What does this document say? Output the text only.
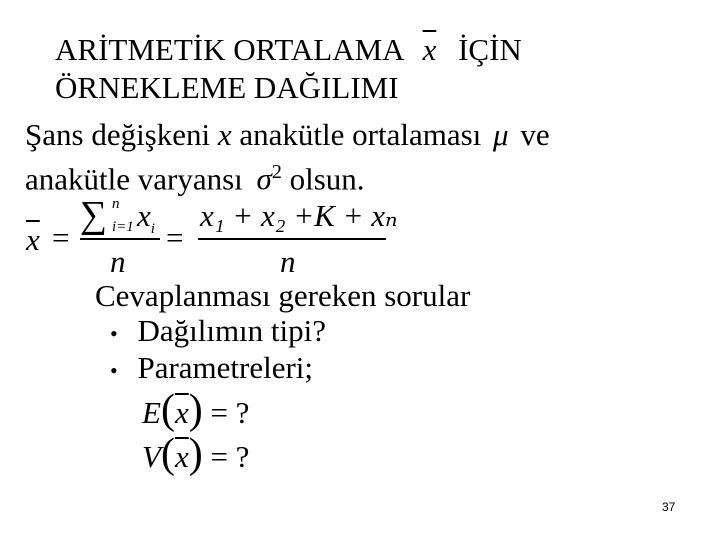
ARİTMETİK ORTALAMA $\overline{x}$ İÇİN
ÖRNEKLEME DAĞILIMI
Şans değişkeni x anakütle ortalaması μ ve
anakütle varyansı $\sigma^2$ olsun.
$\overline{x}$ =
∑ n
i=1 $x_i$
n
=
x₁ + x₂ +K + xₙ
n
Cevaplanması gereken sorular
• Dağılımın tipi?
• Parametreleri;
$E(\overline{x})$ = ?
$V(\overline{x})$ = ?
37
